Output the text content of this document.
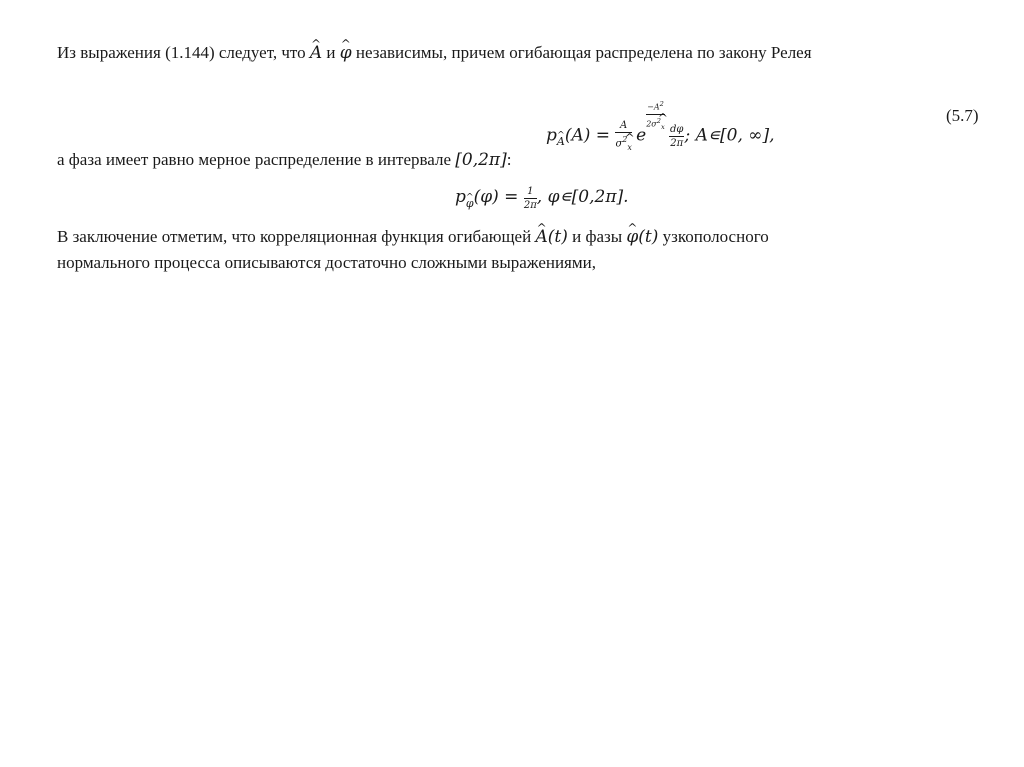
Из выражения (1.144) следует, что A ^ и φ ^ независимы, причем огибающая распределена по закону Релея
$p_A$ ^(A) = $\frac{A}{\sigma^2_x}$ ^ e
$\frac{-A^2}{2\sigma^2_x}$ ^

$\frac{d\varphi}{2\pi}$ ; A∊[0, ∞],
(5.7)
а фаза имеет равно мерное распределение в интервале [0,2π]:
$p_\varphi$ ^(φ) = $\frac{1}{2\pi}$ , φ∊[0,2π].
В заключение отметим, что корреляционная функция огибающей A ^(t) и фазы φ ^(t) узкополосного
нормального процесса описываются достаточно сложными выражениями,
